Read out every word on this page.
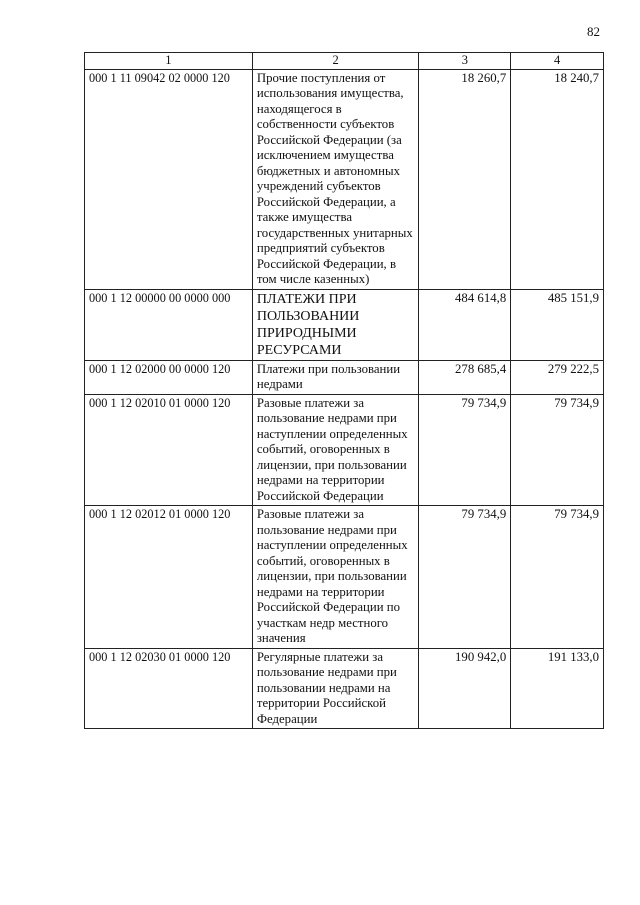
82
1	2	3	4
000 1 11 09042 02 0000 120	Прочие поступления от использования имущества, находящегося в собственности субъектов Российской Федерации (за исключением имущества бюджетных и автономных учреждений субъектов Российской Федерации, а также имущества государственных унитарных предприятий субъектов Российской Федерации, в том числе казенных)	18 260,7	18 240,7
000 1 12 00000 00 0000 000	ПЛАТЕЖИ ПРИ ПОЛЬЗОВАНИИ ПРИРОДНЫМИ РЕСУРСАМИ	484 614,8	485 151,9
000 1 12 02000 00 0000 120	Платежи при пользовании недрами	278 685,4	279 222,5
000 1 12 02010 01 0000 120	Разовые платежи за пользование недрами при наступлении определенных событий, оговоренных в лицензии, при пользовании недрами на территории Российской Федерации	79 734,9	79 734,9
000 1 12 02012 01 0000 120	Разовые платежи за пользование недрами при наступлении определенных событий, оговоренных в лицензии, при пользовании недрами на территории Российской Федерации по участкам недр местного значения	79 734,9	79 734,9
000 1 12 02030 01 0000 120	Регулярные платежи за пользование недрами при пользовании недрами на территории Российской Федерации	190 942,0	191 133,0
